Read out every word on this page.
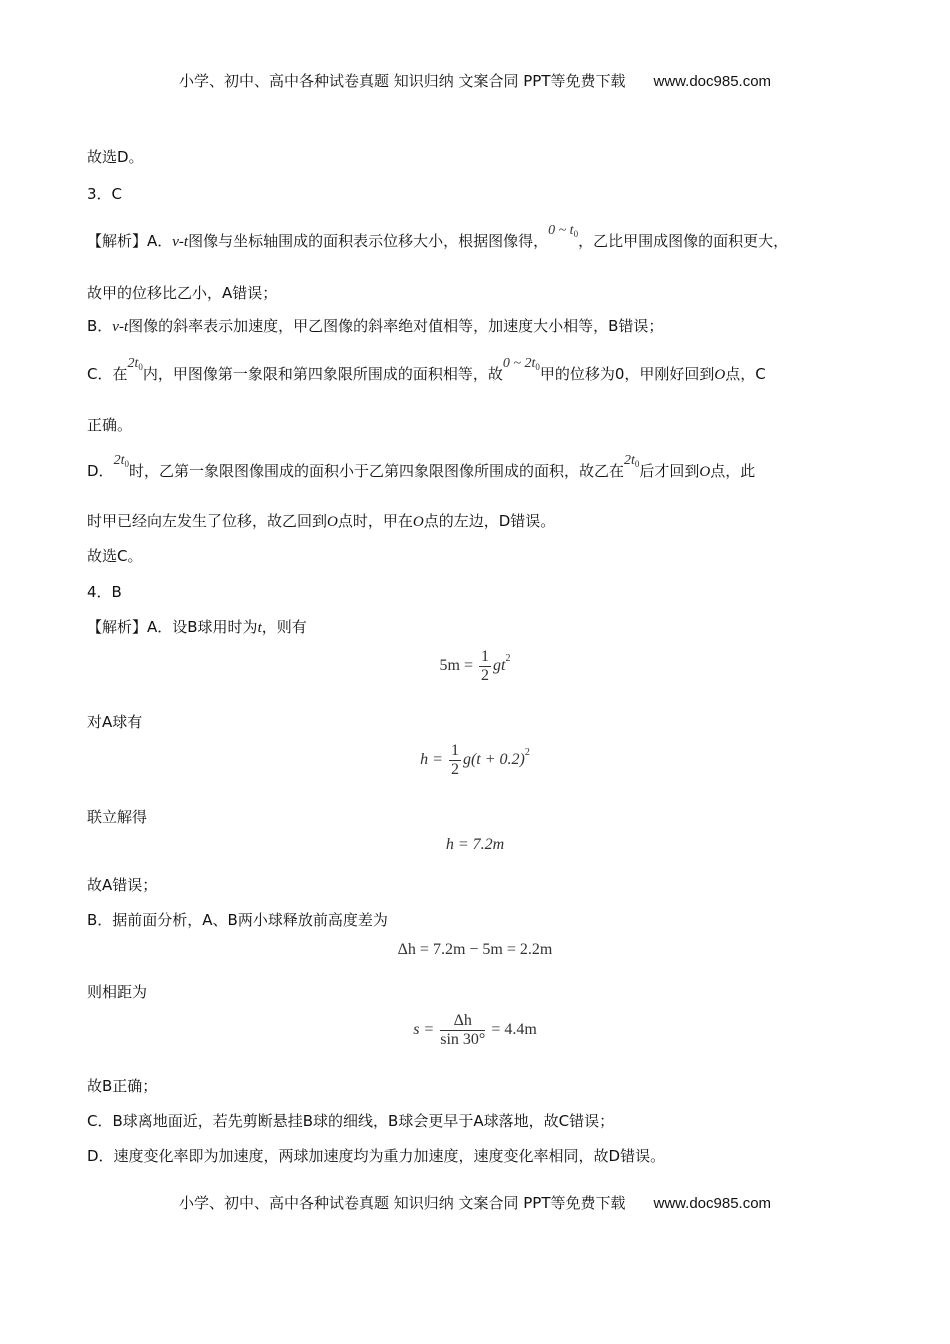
小学、初中、高中各种试卷真题 知识归纳 文案合同 PPT等免费下载 www.doc985.com
故选D。
3．C
【解析】A．v-t图像与坐标轴围成的面积表示位移大小，根据图像得，0 ~ $t_0$，乙比甲围成图像的面积更大，
故甲的位移比乙小，A错误；
B．v-t图像的斜率表示加速度，甲乙图像的斜率绝对值相等，加速度大小相等，B错误；
C．在$2t_0$内，甲图像第一象限和第四象限所围成的面积相等，故0 ~ $2t_0$甲的位移为0，甲刚好回到O点，C
正确。
D．$2t_0$时，乙第一象限图像围成的面积小于乙第四象限图像所围成的面积，故乙在$2t_0$后才回到O点，此
时甲已经向左发生了位移，故乙回到O点时，甲在O点的左边，D错误。
故选C。
4．B
【解析】A．设B球用时为t，则有
$5m = \frac{1}{2} gt^2$
对A球有
$h = \frac{1}{2} g(t + 0.2)^2$
联立解得
h = 7.2m
故A错误；
B．据前面分析，A、B两小球释放前高度差为
Δh = 7.2m − 5m = 2.2m
则相距为
$s = \frac{\Delta h}{\sin 30^\circ} = 4.4m$
故B正确；
C．B球离地面近，若先剪断悬挂B球的细线，B球会更早于A球落地，故C错误；
D．速度变化率即为加速度，两球加速度均为重力加速度，速度变化率相同，故D错误。
小学、初中、高中各种试卷真题 知识归纳 文案合同 PPT等免费下载 www.doc985.com
